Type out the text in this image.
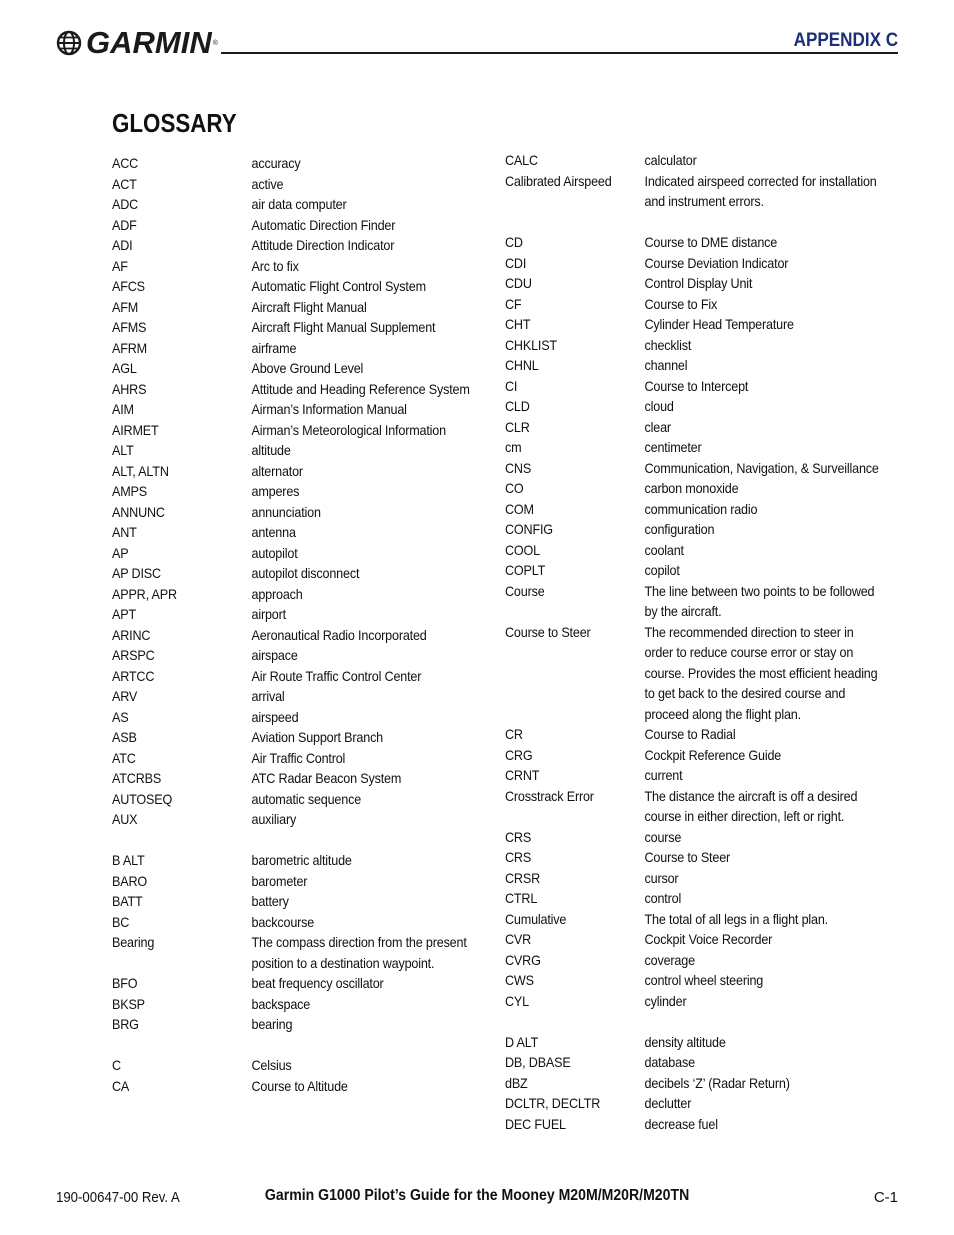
GARMIN ®	APPENDIX C
GLOSSARY
ACC	accuracy
ACT	active
ADC	air data computer
ADF	Automatic Direction Finder
ADI	Attitude Direction Indicator
AF	Arc to fix
AFCS	Automatic Flight Control System
AFM	Aircraft Flight Manual
AFMS	Aircraft Flight Manual Supplement
AFRM	airframe
AGL	Above Ground Level
AHRS	Attitude and Heading Reference System
AIM	Airman’s Information Manual
AIRMET	Airman’s Meteorological Information
ALT	altitude
ALT, ALTN	alternator
AMPS	amperes
ANNUNC	annunciation
ANT	antenna
AP	autopilot
AP DISC	autopilot disconnect
APPR, APR	approach
APT	airport
ARINC	Aeronautical Radio Incorporated
ARSPC	airspace
ARTCC	Air Route Traffic Control Center
ARV	arrival
AS	airspeed
ASB	Aviation Support Branch
ATC	Air Traffic Control
ATCRBS	ATC Radar Beacon System
AUTOSEQ	automatic sequence
AUX	auxiliary
B ALT	barometric altitude
BARO	barometer
BATT	battery
BC	backcourse
Bearing	The compass direction from the present position to a destination waypoint.
BFO	beat frequency oscillator
BKSP	backspace
BRG	bearing
C	Celsius
CA	Course to Altitude
CALC	calculator
Calibrated Airspeed	Indicated airspeed corrected for installation and instrument errors.
CD	Course to DME distance
CDI	Course Deviation Indicator
CDU	Control Display Unit
CF	Course to Fix
CHT	Cylinder Head Temperature
CHKLIST	checklist
CHNL	channel
CI	Course to Intercept
CLD	cloud
CLR	clear
cm	centimeter
CNS	Communication, Navigation, & Surveillance
CO	carbon monoxide
COM	communication radio
CONFIG	configuration
COOL	coolant
COPLT	copilot
Course	The line between two points to be followed by the aircraft.
Course to Steer	The recommended direction to steer in order to reduce course error or stay on course. Provides the most efficient heading to get back to the desired course and proceed along the flight plan.
CR	Course to Radial
CRG	Cockpit Reference Guide
CRNT	current
Crosstrack Error	The distance the aircraft is off a desired course in either direction, left or right.
CRS	course
CRS	Course to Steer
CRSR	cursor
CTRL	control
Cumulative	The total of all legs in a flight plan.
CVR	Cockpit Voice Recorder
CVRG	coverage
CWS	control wheel steering
CYL	cylinder
D ALT	density altitude
DB, DBASE	database
dBZ	decibels ‘Z’ (Radar Return)
DCLTR, DECLTR	declutter
DEC FUEL	decrease fuel
190-00647-00 Rev. A	Garmin G1000 Pilot’s Guide for the Mooney M20M/M20R/M20TN	C-1
